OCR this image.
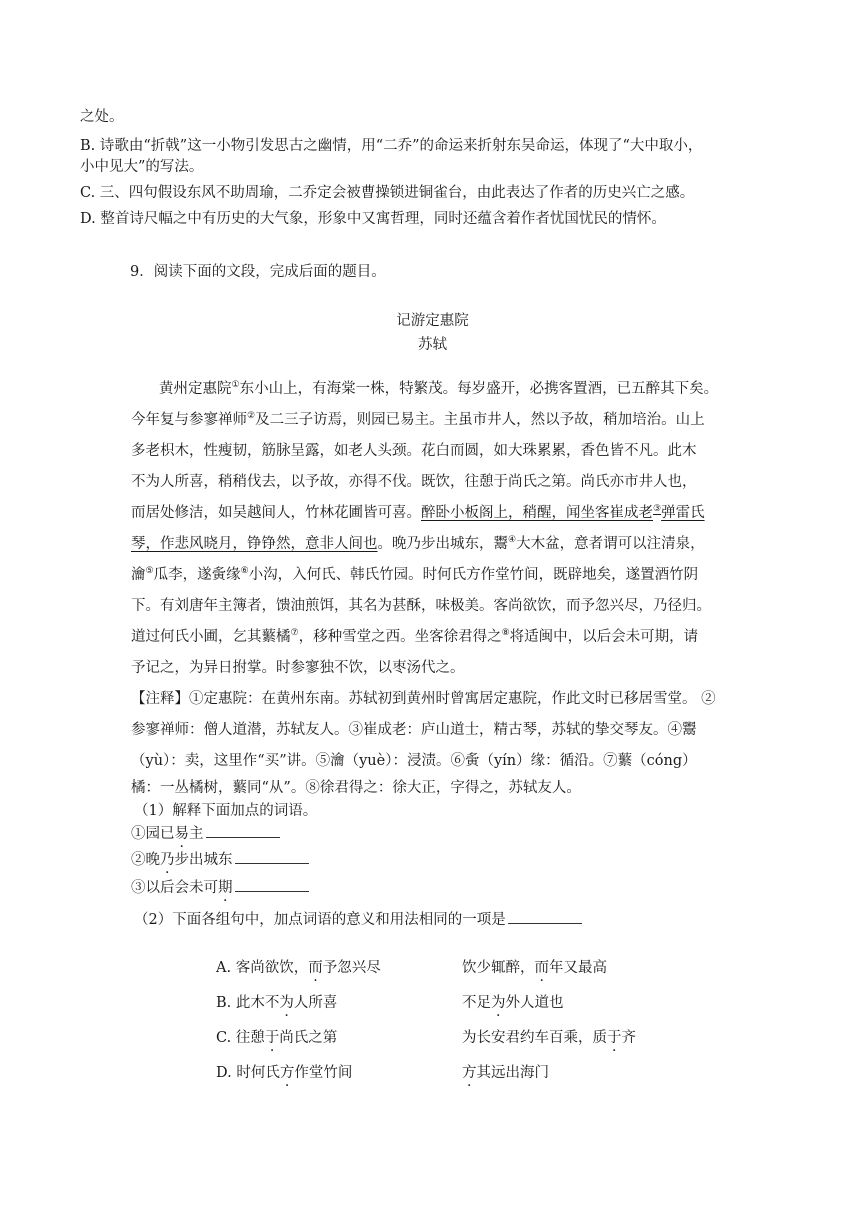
之处。
B. 诗歌由“折戟”这一小物引发思古之幽情，用“二乔”的命运来折射东吴命运，体现了“大中取小，
小中见大”的写法。
C. 三、四句假设东风不助周瑜，二乔定会被曹操锁进铜雀台，由此表达了作者的历史兴亡之感。
D. 整首诗尺幅之中有历史的大气象，形象中又寓哲理，同时还蕴含着作者忧国忧民的情怀。
9．阅读下面的文段，完成后面的题目。
记游定惠院
苏轼
黄州定惠院①东小山上，有海棠一株，特繁茂。每岁盛开，必携客置酒，已五醉其下矣。
今年复与参寥禅师②及二三子访焉，则园已易主。主虽市井人，然以予故，稍加培治。山上
多老枳木，性瘦韧，筋脉呈露，如老人头颈。花白而圆，如大珠累累，香色皆不凡。此木
不为人所喜，稍稍伐去，以予故，亦得不伐。既饮，往憩于尚氏之第。尚氏亦市井人也，
而居处修洁，如吴越间人，竹林花圃皆可喜。醉卧小板阁上，稍醒，闻坐客崔成老③弹雷氏
琴，作悲风晓月，铮铮然，意非人间也。晚乃步出城东，鬻④大木盆，意者谓可以注清泉，
瀹⑤瓜李，遂夤缘⑥小沟，入何氏、韩氏竹园。时何氏方作堂竹间，既辟地矣，遂置酒竹阴
下。有刘唐年主簿者，馈油煎饵，其名为甚酥，味极美。客尚欲饮，而予忽兴尽，乃径归。
道过何氏小圃，乞其蘩橘⑦，移种雪堂之西。坐客徐君得之⑧将适闽中，以后会未可期，请
予记之，为异日拊掌。时参寥独不饮，以枣汤代之。
【注释】①定惠院：在黄州东南。苏轼初到黄州时曾寓居定惠院，作此文时已移居雪堂。 ②
参寥禅师：僧人道潜，苏轼友人。③崔成老：庐山道士，精古琴，苏轼的挚交琴友。④鬻
（yù）：卖，这里作“买”讲。⑤瀹（yuè）：浸渍。⑥夤（yín）缘：循沿。⑦蘩（cóng）
橘：一丛橘树，蘩同“从”。⑧徐君得之：徐大正，字得之，苏轼友人。
（1）解释下面加点的词语。
①园已易主
②晚乃步出城东
③以后会未可期
（2）下面各组句中，加点词语的意义和用法相同的一项是
A. 客尚欲饮，而予忽兴尽	饮少辄醉，而年又最高
B. 此木不为人所喜	不足为外人道也
C. 往憩于尚氏之第	为长安君约车百乘，质于齐
D. 时何氏方作堂竹间	方其远出海门
